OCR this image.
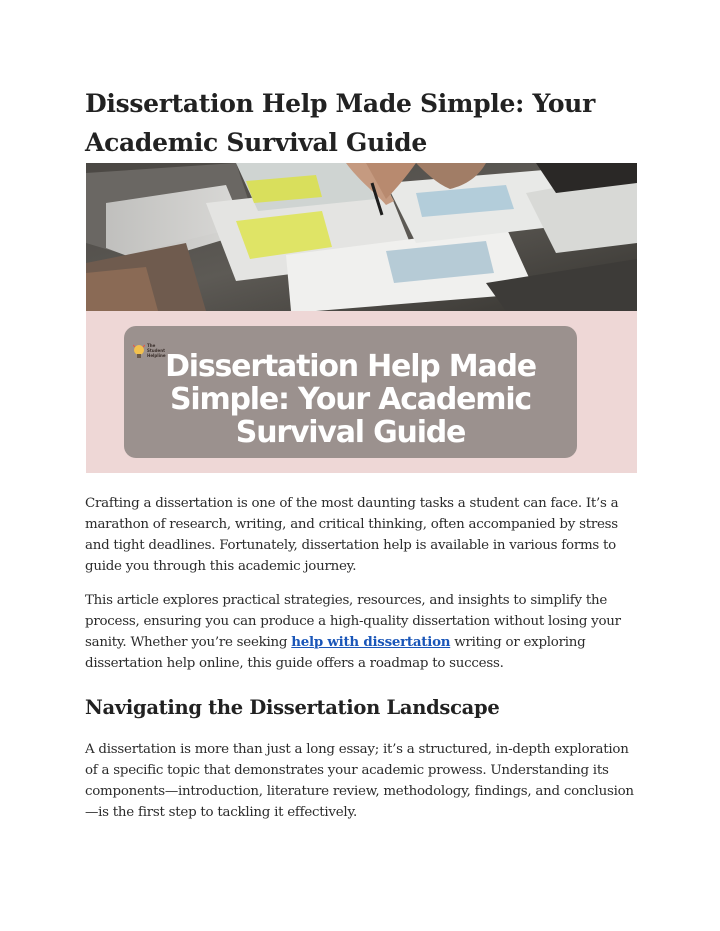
Dissertation Help Made Simple: Your Academic Survival Guide
The
Student
Helpline Dissertation Help Made
Simple: Your Academic
Survival Guide

Crafting a dissertation is one of the most daunting tasks a student can face. It’s a marathon of research, writing, and critical thinking, often accompanied by stress and tight deadlines. Fortunately, dissertation help is available in various forms to guide you through this academic journey.

This article explores practical strategies, resources, and insights to simplify the process, ensuring you can produce a high-quality dissertation without losing your sanity. Whether you’re seeking help with dissertation writing or exploring dissertation help online, this guide offers a roadmap to success.

Navigating the Dissertation Landscape

A dissertation is more than just a long essay; it’s a structured, in-depth exploration of a specific topic that demonstrates your academic prowess. Understanding its components—introduction, literature review, methodology, findings, and conclusion—is the first step to tackling it effectively.
